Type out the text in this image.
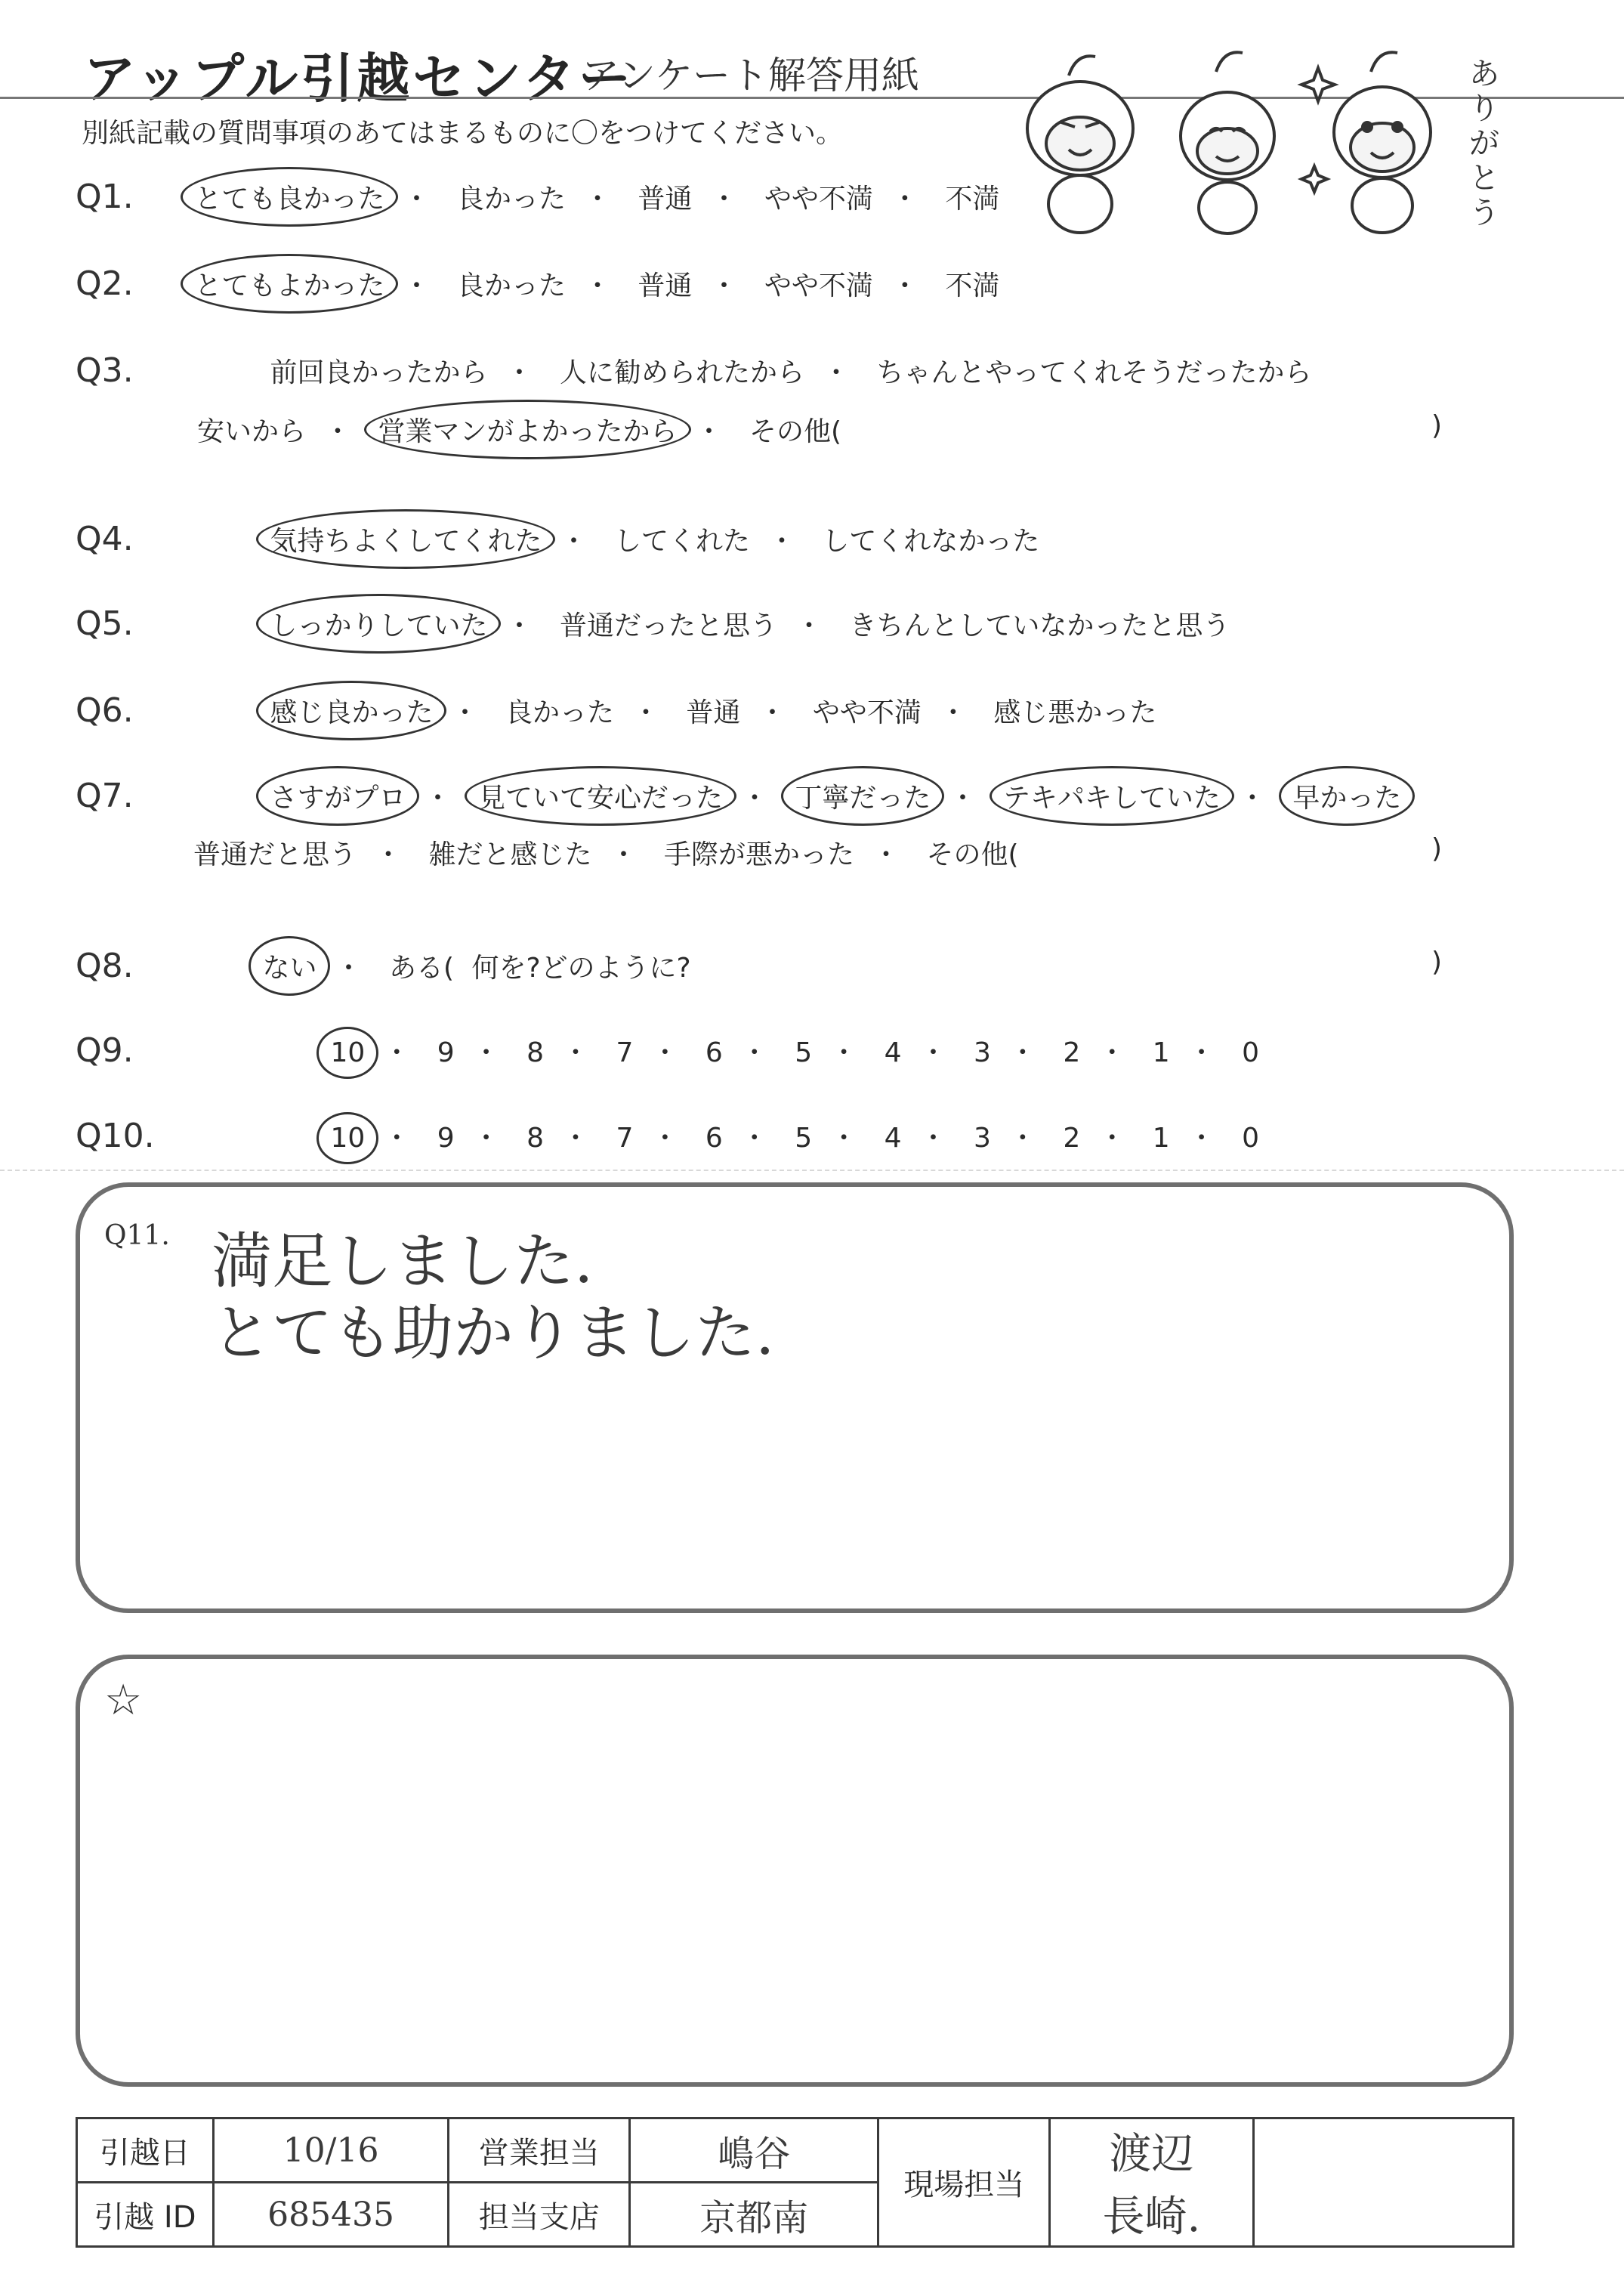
アップル引越センター
アンケート解答用紙
別紙記載の質問事項のあてはまるものに〇をつけてください。
ありがとう
Q1. とても良かった ・ 良かった ・ 普通 ・ やや不満 ・ 不満
Q2. とてもよかった ・ 良かった ・ 普通 ・ やや不満 ・ 不満
Q3.	前回良かったから ・ 人に勧められたから ・ ちゃんとやってくれそうだったから
安いから ・ 営業マンがよかったから ・ その他(	)
Q4.	気持ちよくしてくれた ・ してくれた ・ してくれなかった
Q5.	しっかりしていた ・ 普通だったと思う ・ きちんとしていなかったと思う
Q6.	感じ良かった ・ 良かった ・ 普通 ・ やや不満 ・ 感じ悪かった
Q7.	さすがプロ ・ 見ていて安心だった ・ 丁寧だった ・ テキパキしていた ・ 早かった
普通だと思う ・ 雑だと感じた ・ 手際が悪かった ・ その他(	)
Q8.	ない ・ ある( 何を?どのように?	)
Q9.	10 ・ 9 ・ 8 ・ 7 ・ 6 ・ 5 ・ 4 ・ 3 ・ 2 ・ 1 ・ 0
Q10.	10 ・ 9 ・ 8 ・ 7 ・ 6 ・ 5 ・ 4 ・ 3 ・ 2 ・ 1 ・ 0
Q11. 満足しました.
とても助かりました.
☆
引越日	10/16	営業担当	嶋谷	現場担当	渡辺	
引越 ID	685435	担当支店	京都南		長崎.	
